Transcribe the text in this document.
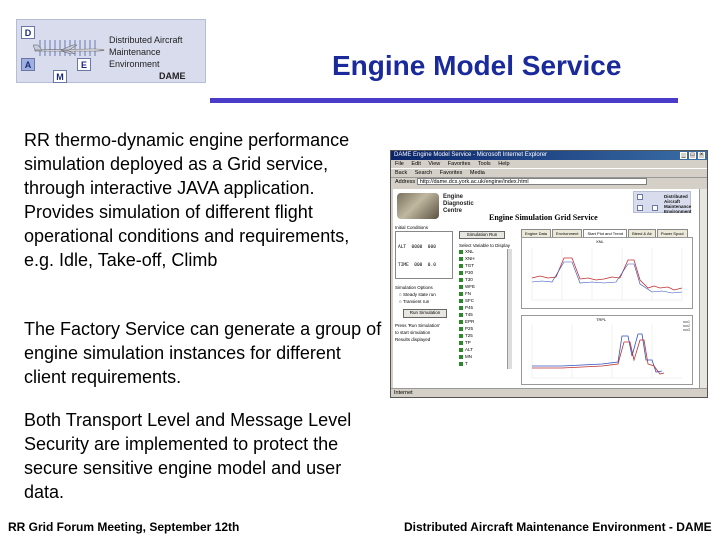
D
A
M
E
Distributed Aircraft
Maintenance Environment
DAME	Engine Model Service
RR thermo-dynamic engine performance simulation deployed as a Grid service, through interactive JAVA application.
Provides simulation of different flight operational conditions and requirements, e.g. Idle, Take-off, Climb
The Factory Service can generate a group of engine simulation instances for different client requirements.
Both Transport Level and Message Level Security are implemented to protect the secure sensitive engine model and user data.
DAME Engine Model Service - Microsoft Internet Explorer	_ □ ×
File Edit View Favorites Tools Help
Back Search Favorites Media
Address http://dame.dcs.york.ac.uk/engine/index.html
Engine
Diagnostic
Centre
Distributed
Aircraft
Maintenance
Environment
Engine Simulation Grid Service
Initial Conditions

ALT  0000  000

TIME  000  0.0

Simulation Run
Select Variable to Display
XNL
XNH
TGT
P30
T30
WFE
FN
SFC
P45
T45
EPR
P25
T25
TP
ALT
MN
T
Simulation Options
○ Steady state run
○ Transient run
Run Simulation
Press 'Run Simulation'
to start simulation
Results displayed
Engine Data Environment Start Plot and Trend Bleed & Air Power Spool
XNL
TRPL	run1
run2
run3
Internet
RR Grid Forum Meeting, September 12th	Distributed Aircraft Maintenance Environment - DAME
